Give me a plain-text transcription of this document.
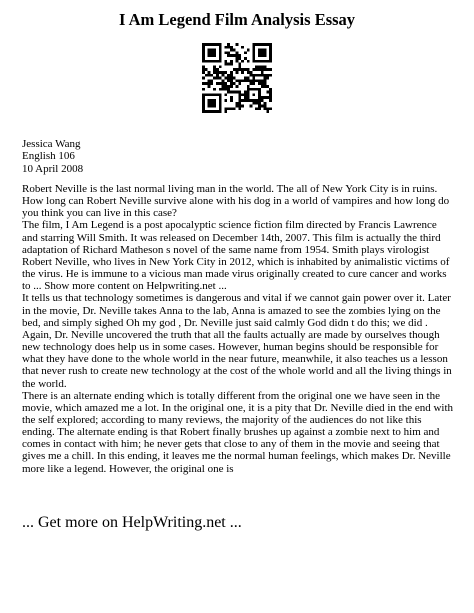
I Am Legend Film Analysis Essay
Jessica Wang
English 106
10 April 2008

Robert Neville is the last normal living man in the world. The all of New York City is in ruins. How long can Robert Neville survive alone with his dog in a world of vampires and how long do you think you can live in this case?

The film, I Am Legend is a post apocalyptic science fiction film directed by Francis Lawrence and starring Will Smith. It was released on December 14th, 2007. This film is actually the third adaptation of Richard Matheson s novel of the same name from 1954. Smith plays virologist Robert Neville, who lives in New York City in 2012, which is inhabited by animalistic victims of the virus. He is immune to a vicious man made virus originally created to cure cancer and works to ... Show more content on Helpwriting.net ...

It tells us that technology sometimes is dangerous and vital if we cannot gain power over it. Later in the movie, Dr. Neville takes Anna to the lab, Anna is amazed to see the zombies lying on the bed, and simply sighed Oh my god , Dr. Neville just said calmly God didn t do this; we did . Again, Dr. Neville uncovered the truth that all the faults actually are made by ourselves though new technology does help us in some cases. However, human begins should be responsible for what they have done to the whole world in the near future, meanwhile, it also teaches us a lesson that never rush to create new technology at the cost of the whole world and all the living things in the world.

There is an alternate ending which is totally different from the original one we have seen in the movie, which amazed me a lot. In the original one, it is a pity that Dr. Neville died in the end with the self explored; according to many reviews, the majority of the audiences do not like this ending. The alternate ending is that Robert finally brushes up against a zombie next to him and comes in contact with him; he never gets that close to any of them in the movie and seeing that gives me a chill. In this ending, it leaves me the normal human feelings, which makes Dr. Neville more like a legend. However, the original one is

... Get more on HelpWriting.net ...
